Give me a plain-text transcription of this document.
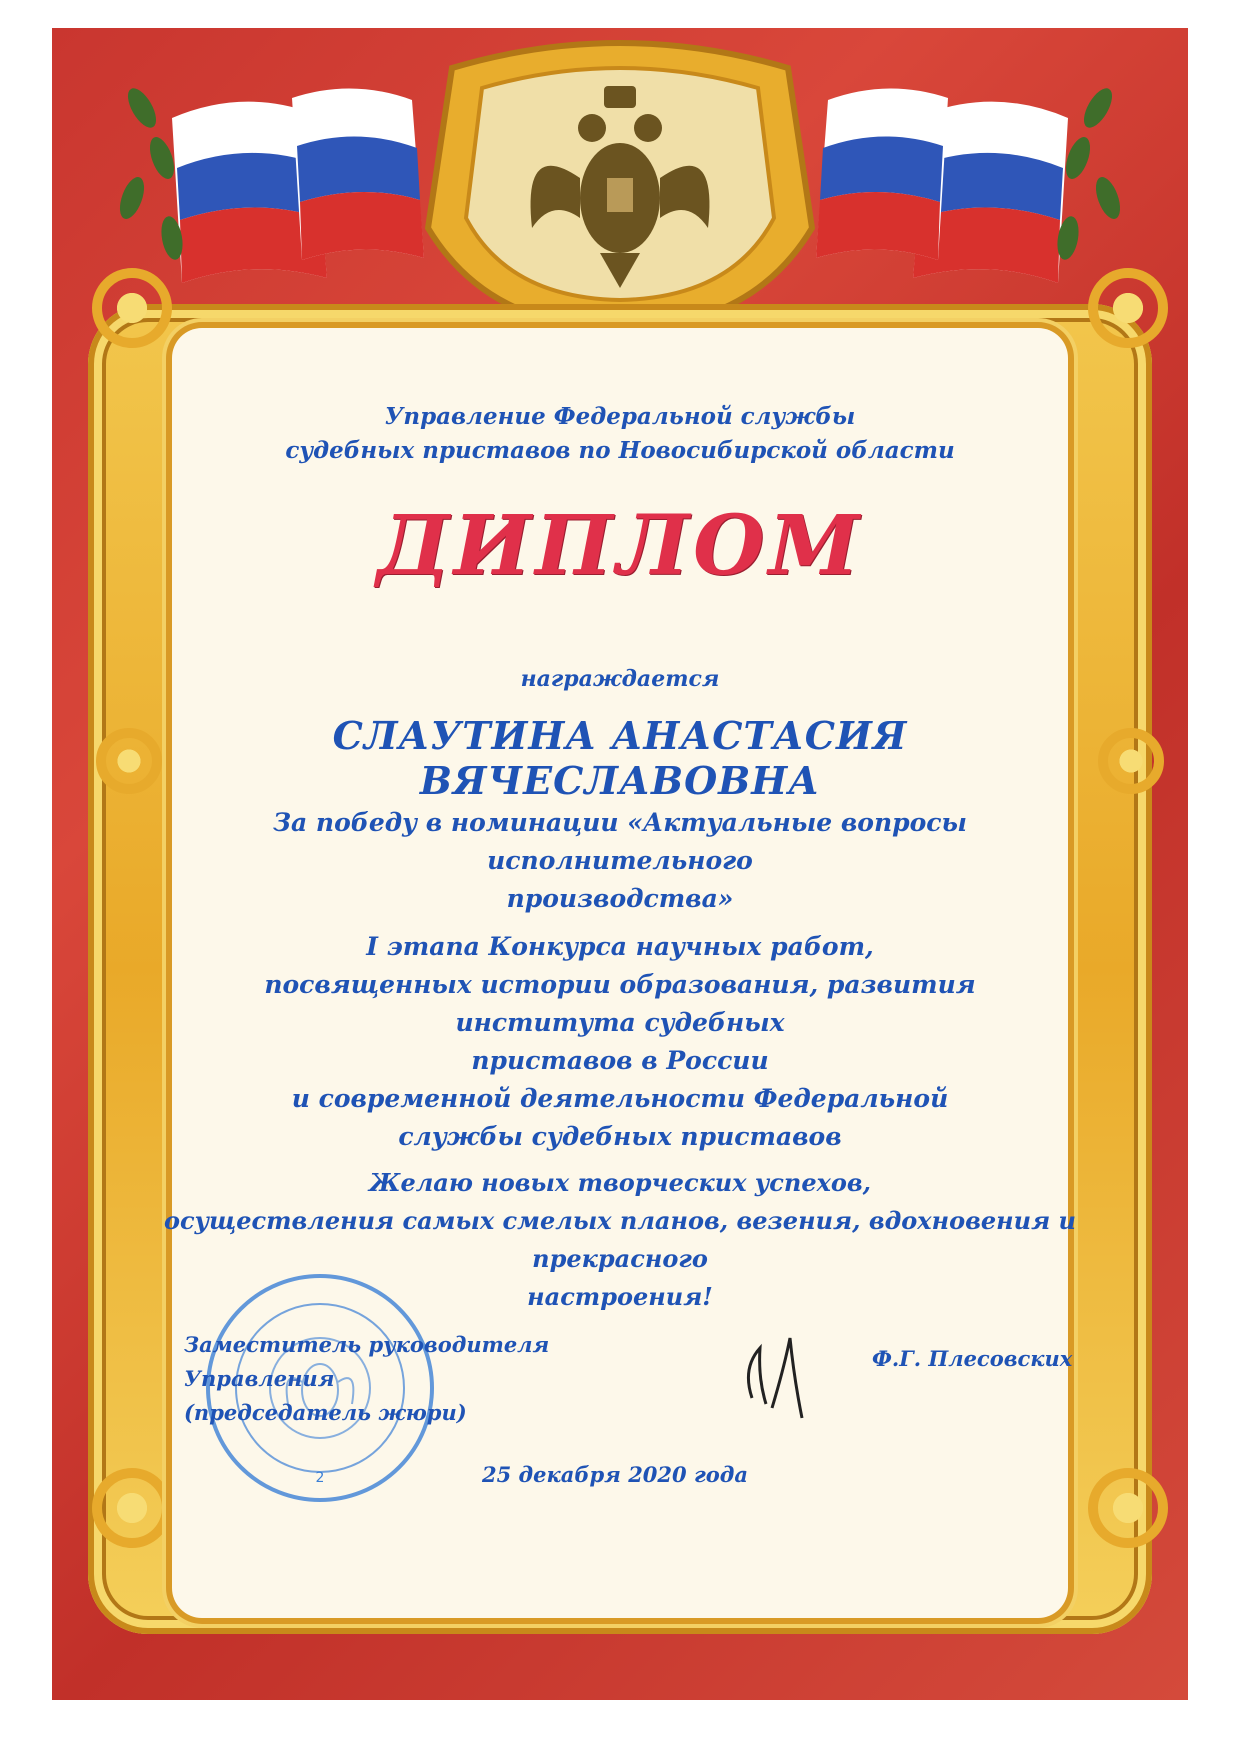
Управление Федеральной службы
судебных приставов по Новосибирской области
ДИПЛОМ
награждается
СЛАУТИНА АНАСТАСИЯ ВЯЧЕСЛАВОВНА
За победу в номинации «Актуальные вопросы исполнительного
производства»
I этапа Конкурса научных работ,
посвященных истории образования, развития института судебных
приставов в России
и современной деятельности Федеральной
службы судебных приставов
Желаю новых творческих успехов,
осуществления самых смелых планов, везения, вдохновения и прекрасного
настроения!
2
Заместитель руководителя Управления
(председатель жюри)
Ф.Г. Плесовских
25 декабря 2020 года
